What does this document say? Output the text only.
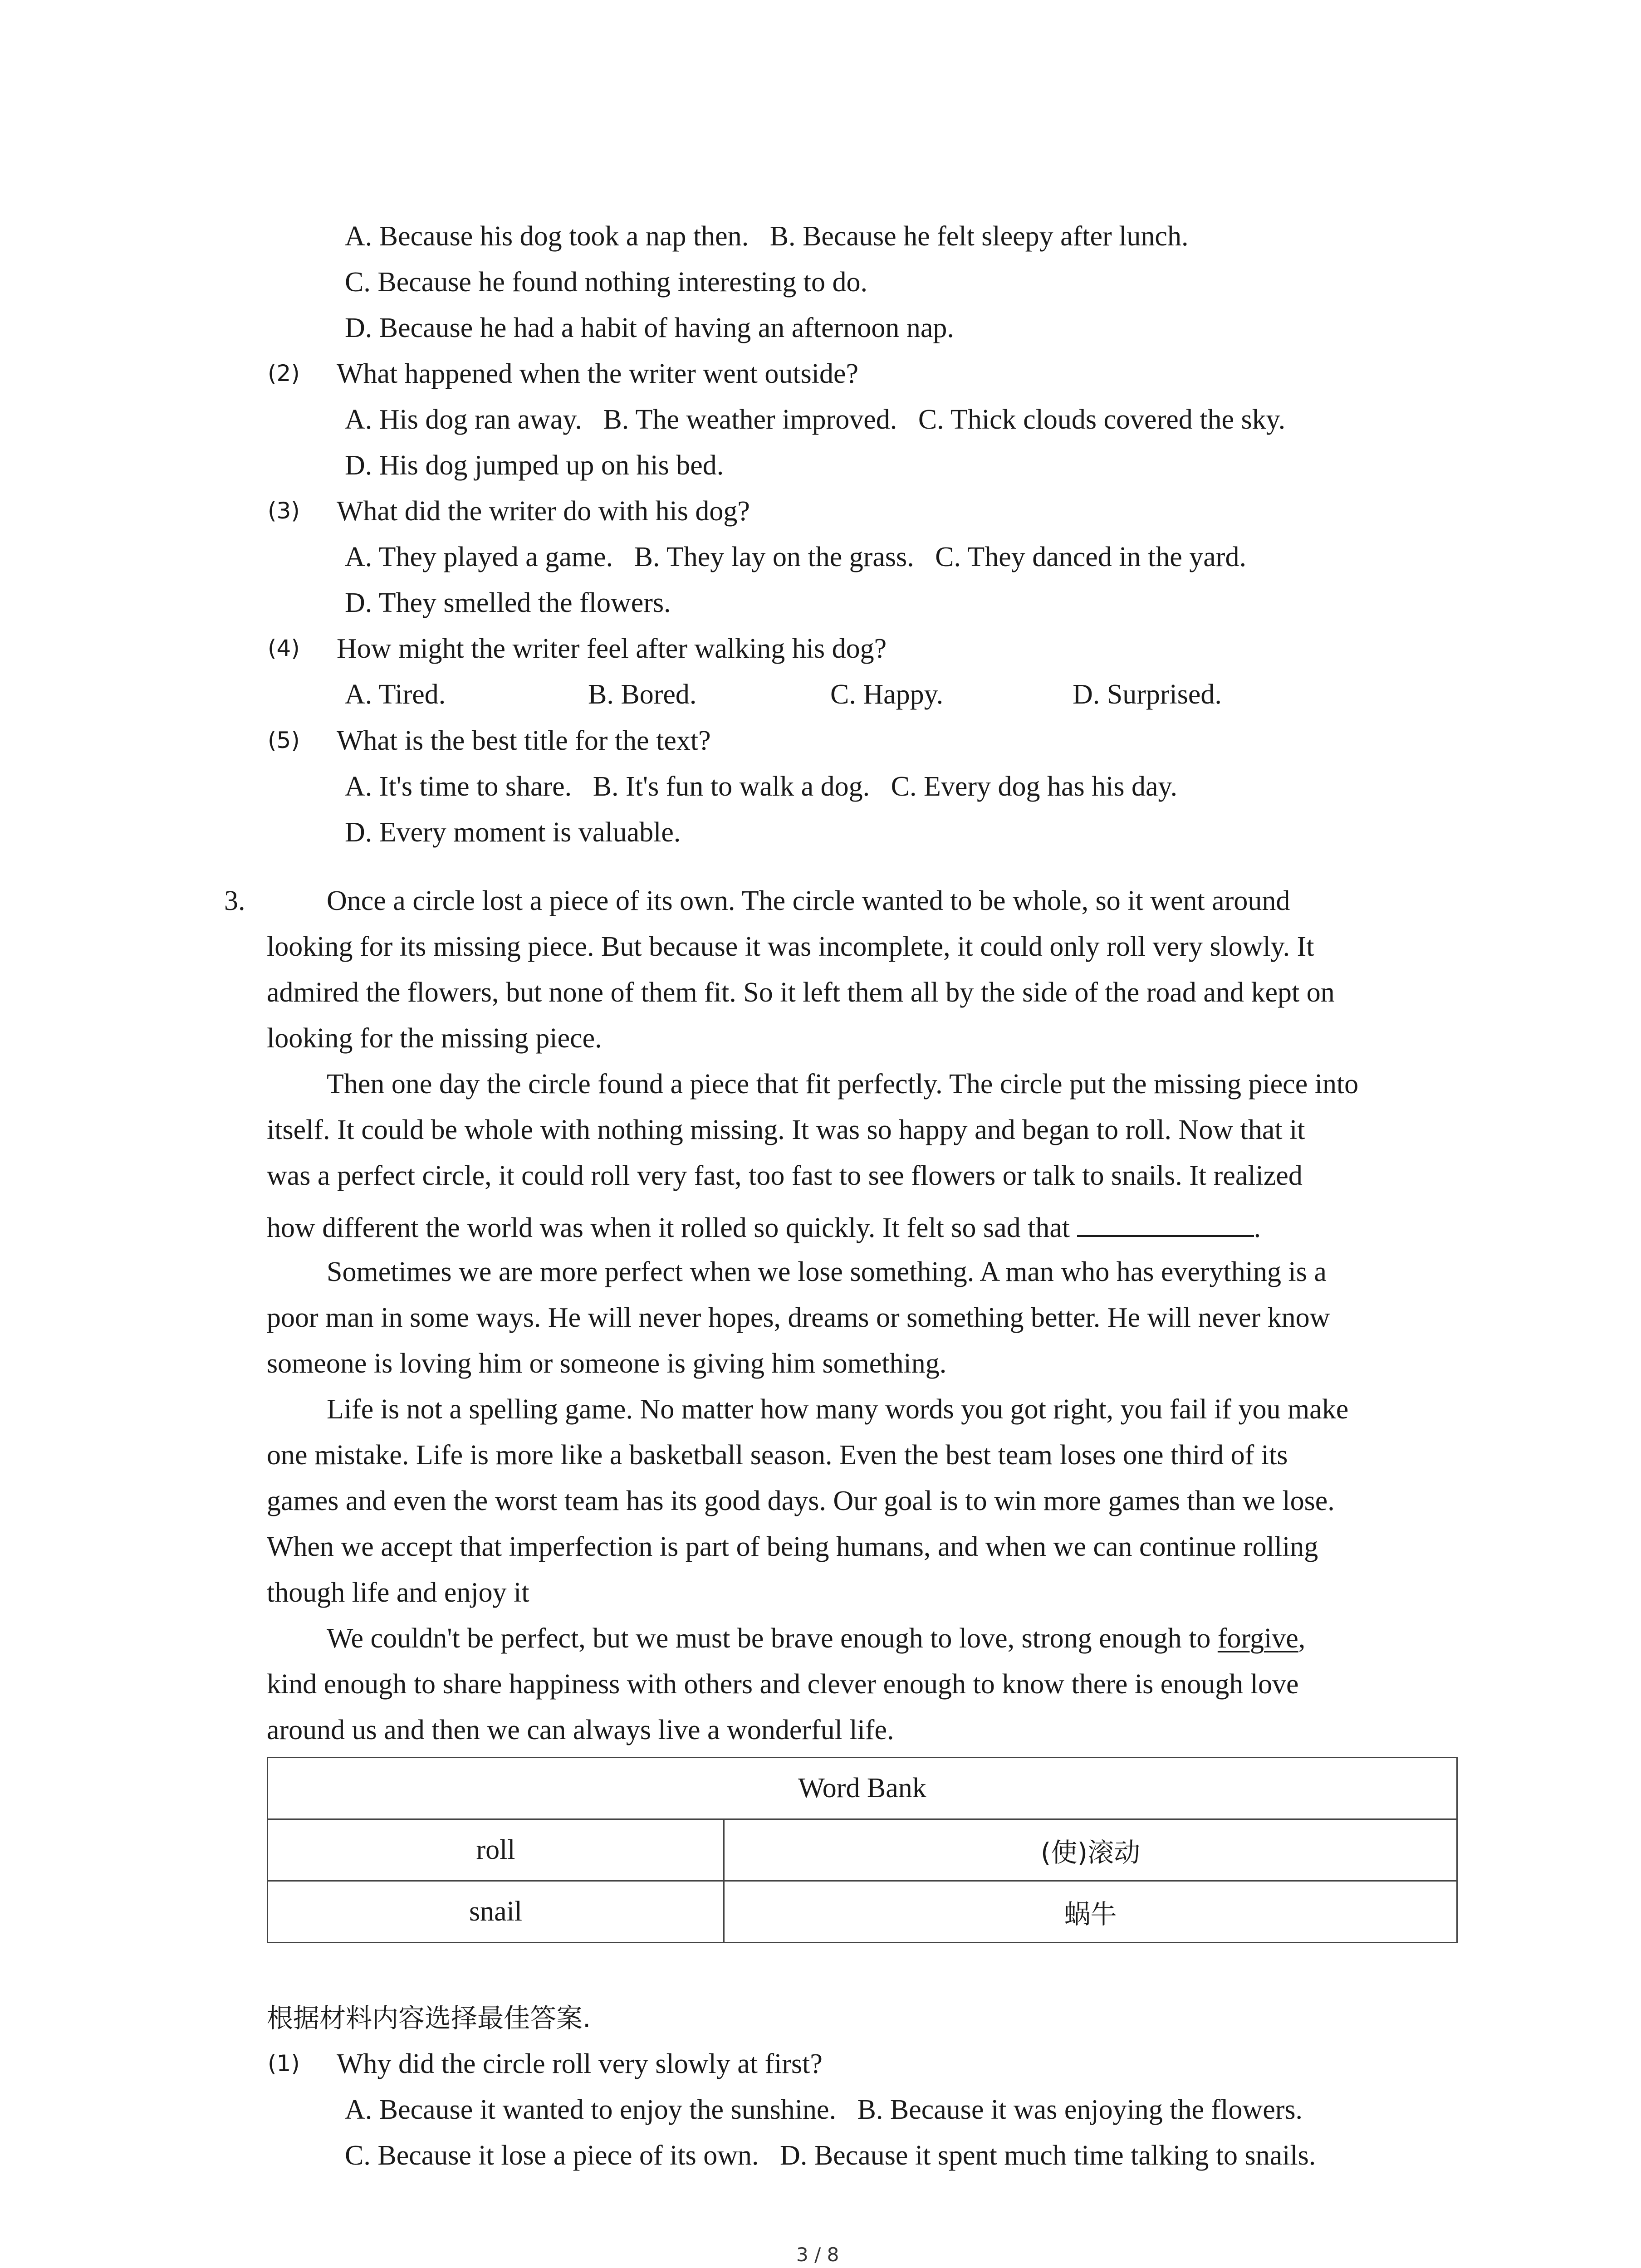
A. Because his dog took a nap then. B. Because he felt sleepy after lunch.
C. Because he found nothing interesting to do.
D. Because he had a habit of having an afternoon nap.
(2) What happened when the writer went outside?
A. His dog ran away. B. The weather improved. C. Thick clouds covered the sky.
D. His dog jumped up on his bed.
(3) What did the writer do with his dog?
A. They played a game. B. They lay on the grass. C. They danced in the yard.
D. They smelled the flowers.
(4) How might the writer feel after walking his dog?
A. Tired.	B. Bored.	C. Happy.	D. Surprised.
(5) What is the best title for the text?
A. It's time to share. B. It's fun to walk a dog. C. Every dog has his day.
D. Every moment is valuable.
3.	Once a circle lost a piece of its own. The circle wanted to be whole, so it went around
looking for its missing piece. But because it was incomplete, it could only roll very slowly. It
admired the flowers, but none of them fit. So it left them all by the side of the road and kept on
looking for the missing piece.
Then one day the circle found a piece that fit perfectly. The circle put the missing piece into
itself. It could be whole with nothing missing. It was so happy and began to roll. Now that it
was a perfect circle, it could roll very fast, too fast to see flowers or talk to snails. It realized
how different the world was when it rolled so quickly. It felt so sad that	.
Sometimes we are more perfect when we lose something. A man who has everything is a
poor man in some ways. He will never hopes, dreams or something better. He will never know
someone is loving him or someone is giving him something.
Life is not a spelling game. No matter how many words you got right, you fail if you make
one mistake. Life is more like a basketball season. Even the best team loses one third of its
games and even the worst team has its good days. Our goal is to win more games than we lose.
When we accept that imperfection is part of being humans, and when we can continue rolling
though life and enjoy it
We couldn't be perfect, but we must be brave enough to love, strong enough to forgive,
kind enough to share happiness with others and clever enough to know there is enough love
around us and then we can always live a wonderful life.
Word Bank	
roll	(使)滚动
snail	蜗牛
根据材料内容选择最佳答案.
(1) Why did the circle roll very slowly at first?
A. Because it wanted to enjoy the sunshine. B. Because it was enjoying the flowers.
C. Because it lose a piece of its own. D. Because it spent much time talking to snails.
3 / 8
